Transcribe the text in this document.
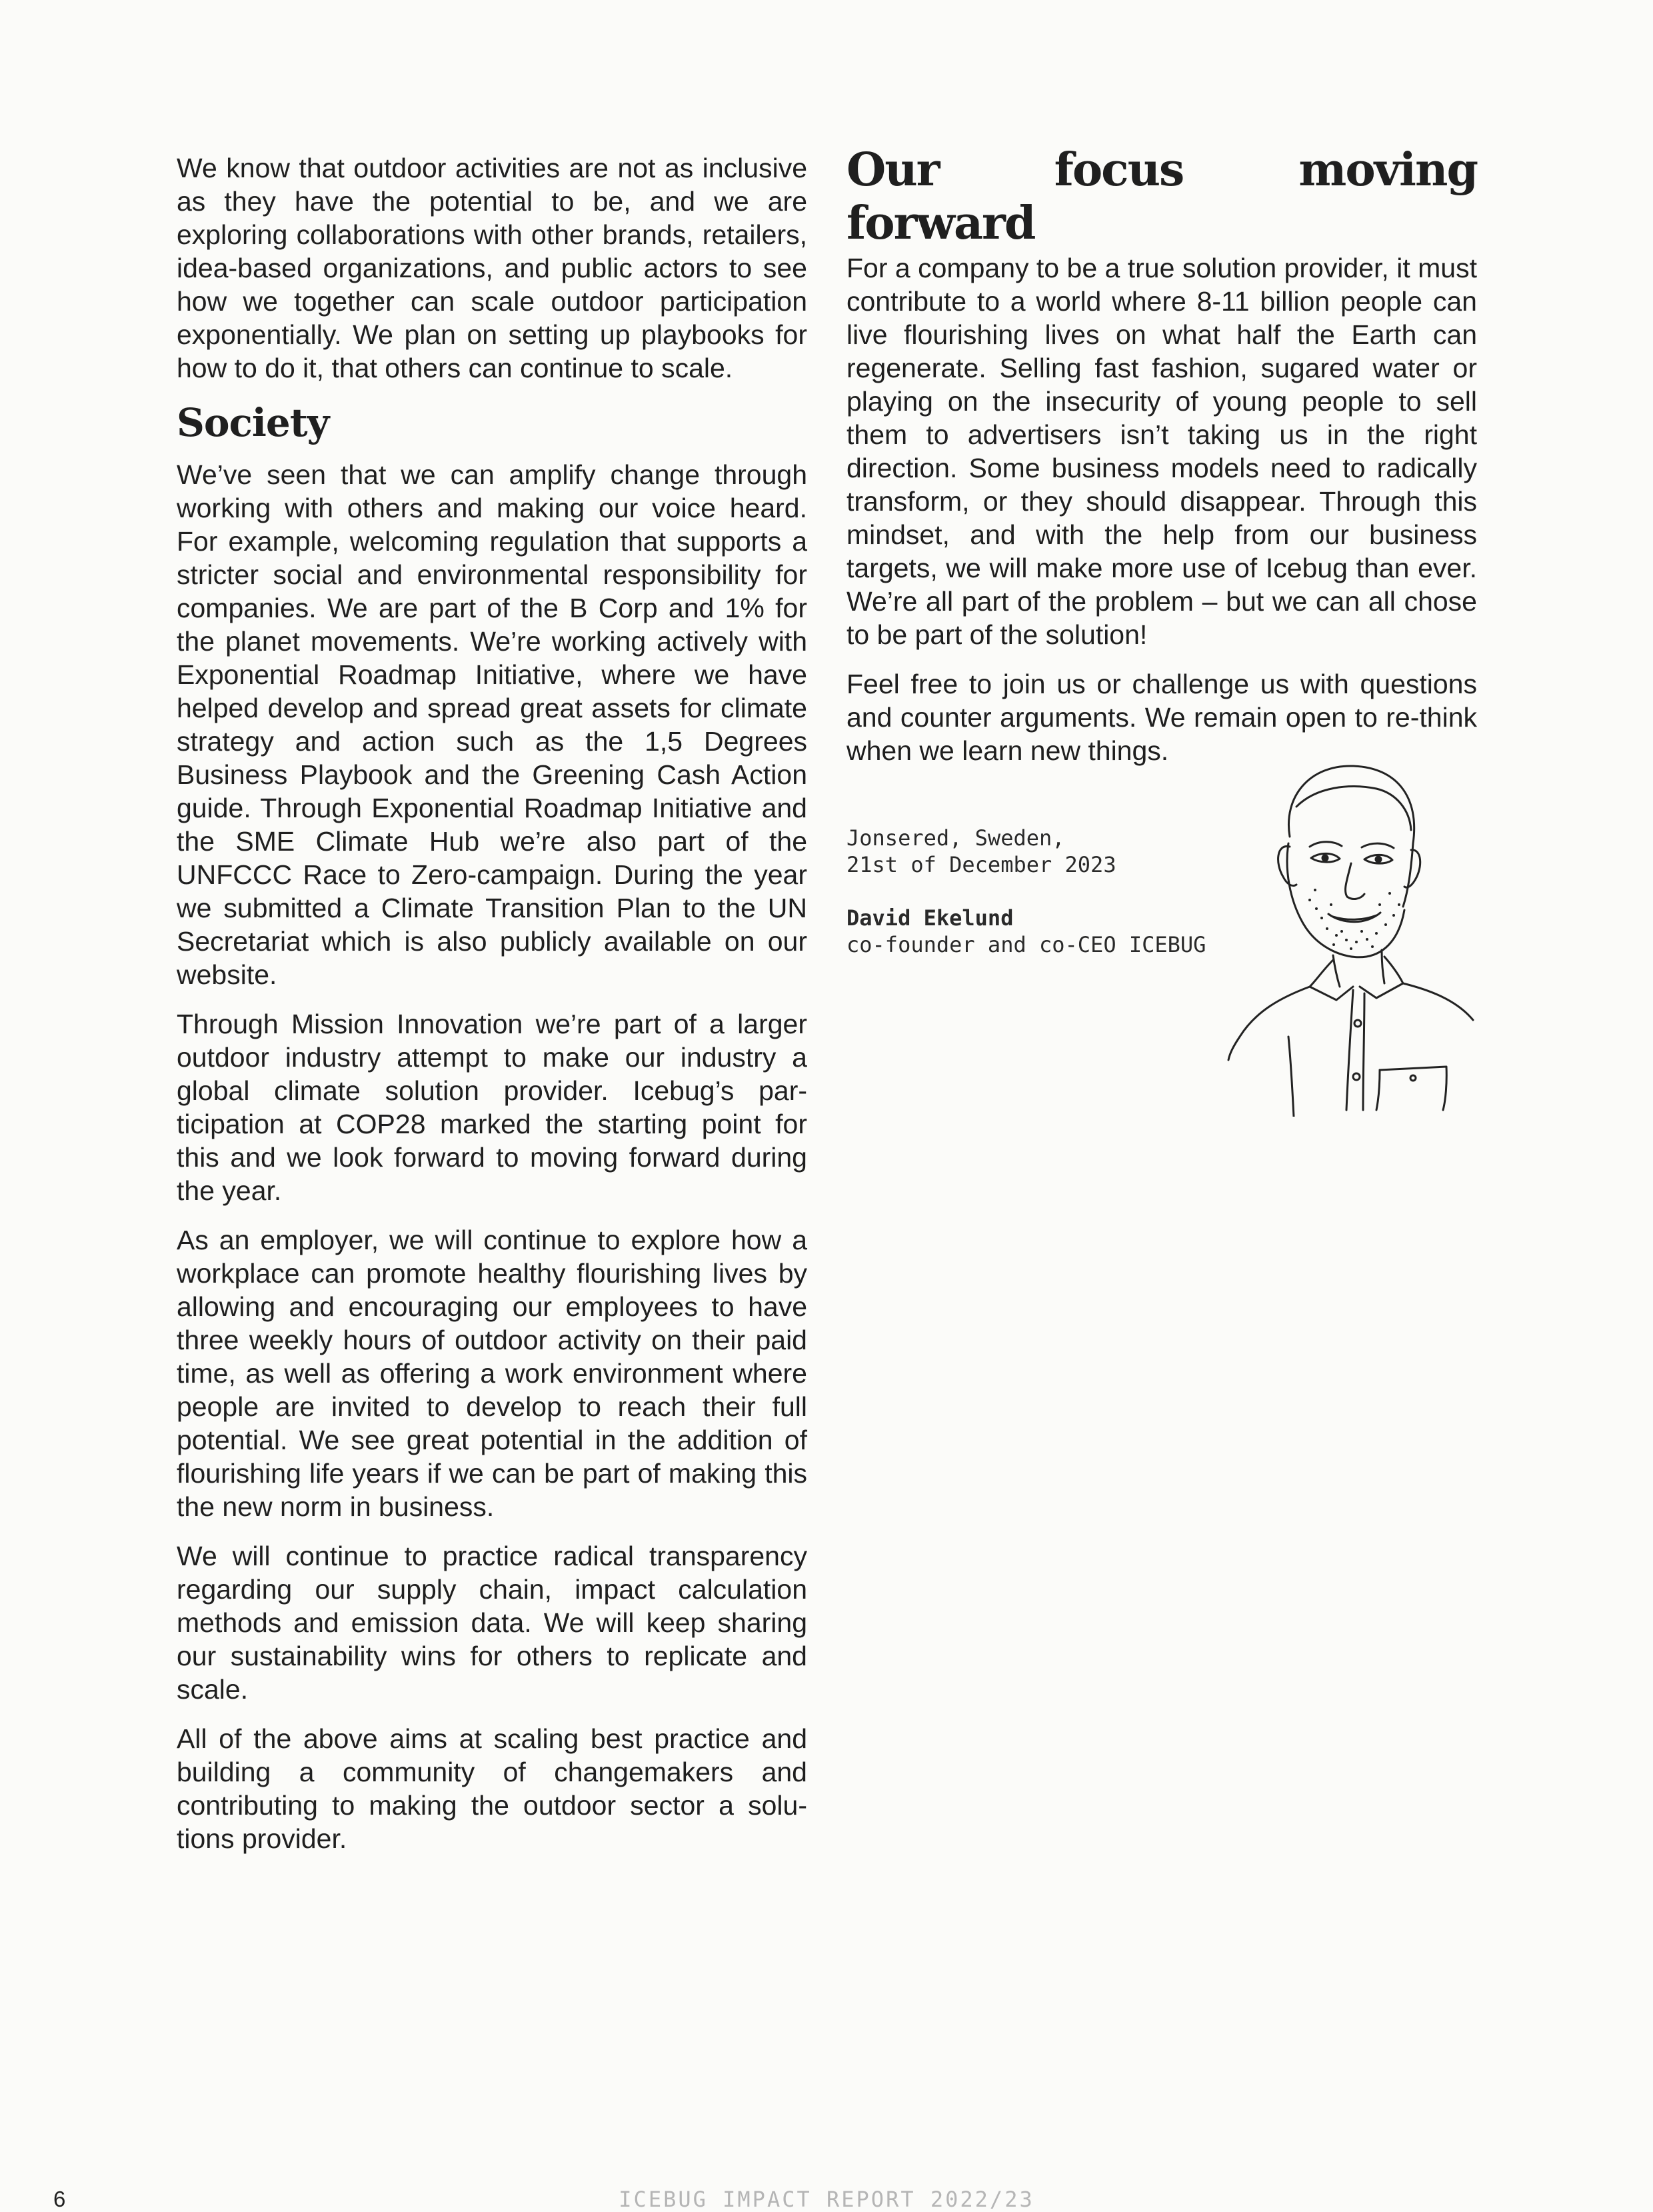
We know that outdoor activities are not as inclusive as they have the potential to be, and we are exploring collaborations with other brands, retailers, idea-based organizations, and public actors to see how we together can scale outdoor participation exponentially. We plan on setting up playbooks for how to do it, that others can continue to scale.

Society

We’ve seen that we can amplify change through working with others and making our voice heard. For example, welcoming regulation that supports a stricter social and environmental responsibility for companies. We are part of the B Corp and 1% for the planet movements. We’re working actively with Exponential Roadmap Initiative, where we have helped develop and spread great assets for climate strategy and action such as the 1,5 Degrees Business Playbook and the Greening Cash Action guide. Through Exponential Roadmap Initiative and the SME Climate Hub we’re also part of the UNFCCC Race to Zero-campaign. During the year we submitted a Climate Transition Plan to the UN Secretariat which is also publicly available on our website.

Through Mission Innovation we’re part of a larger outdoor industry attempt to make our industry a global climate solution provider. Icebug’s participation at COP28 marked the starting point for this and we look forward to moving forward during the year.

As an employer, we will continue to explore how a workplace can promote healthy flourishing lives by allowing and encouraging our employees to have three weekly hours of outdoor activity on their paid time, as well as offering a work environment where people are invited to develop to reach their full potential. We see great potential in the addition of flourishing life years if we can be part of making this the new norm in business.

We will continue to practice radical transparency regarding our supply chain, impact calculation methods and emission data. We will keep sharing our sustainability wins for others to replicate and scale.

All of the above aims at scaling best practice and building a community of changemakers and contributing to making the outdoor sector a solutions provider.

Our focus moving forward

For a company to be a true solution provider, it must contribute to a world where 8-11 billion people can live flourishing lives on what half the Earth can regenerate. Selling fast fashion, sugared water or playing on the insecurity of young people to sell them to advertisers isn’t taking us in the right direction. Some business models need to radically transform, or they should disappear. Through this mindset, and with the help from our business targets, we will make more use of Icebug than ever. We’re all part of the problem – but we can all chose to be part of the solution!

Feel free to join us or challenge us with questions and counter arguments. We remain open to re-think when we learn new things.

Jonsered, Sweden,
21st of December 2023
David Ekelund
co-founder and co-CEO ICEBUG
6	ICEBUG IMPACT REPORT 2022/23
